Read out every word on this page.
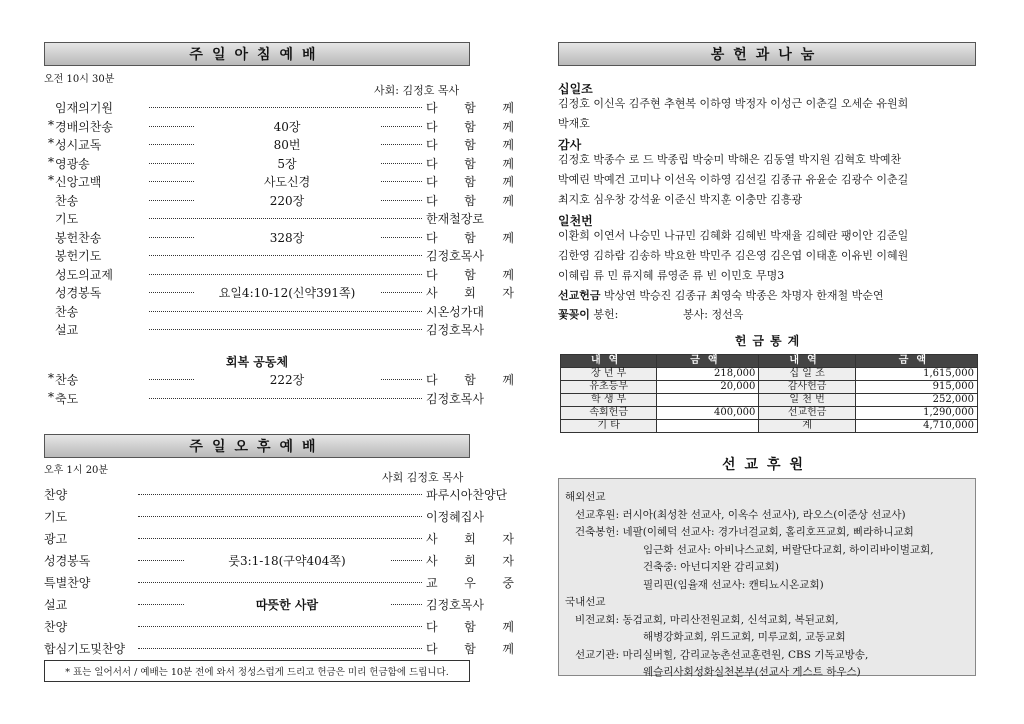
주일아침예배
오전 10시 30분
사회: 김정호 목사
임재의기원	다 함 께
* 경배의찬송	40장	다 함 께
* 성시교독	80번	다 함 께
* 영광송	5장	다 함 께
* 신앙고백	사도신경	다 함 께
찬송	220장	다 함 께
기도	한재철장로
봉헌찬송	328장	다 함 께
봉헌기도	김정호목사
성도의교제	다 함 께
성경봉독	요일4:10-12(신약391쪽)	사 회 자
찬송	시온성가대
설교	김정호목사
회복 공동체
* 찬송	222장	다 함 께
* 축도	김정호목사
주일오후예배
오후 1시 20분
사회 김정호 목사
찬양	파루시아찬양단
기도	이정혜집사
광고	사 회 자
성경봉독	룻3:1-18(구약404쪽)	사 회 자
특별찬양	교 우 중
설교	따뜻한 사람	김정호목사
찬양	다 함 께
합심기도및찬양	다 함 께
* 표는 일어서서 / 예배는 10분 전에 와서 정성스럽게 드리고 헌금은 미리 헌금함에 드립니다.
봉헌과나눔
십일조
김정호 이신옥 김주현 추현복 이하영 박정자 이성근 이춘길 오세순 유원희
박재호
감사
김정호 박종수 로 드 박종립 박숭미 박해은 김동열 박지원 김혁호 박예찬
박예린 박예건 고미나 이선옥 이하영 김선길 김종규 유윤순 김광수 이춘길
최지호 심우창 강석윤 이준신 박지훈 이충만 김흥광
일천번
이환희 이연서 나승민 나규민 김혜화 김혜빈 박재율 김혜란 팽이안 김준일
김한영 김하람 김송하 박요한 박민주 김은영 김은엽 이태훈 이유빈 이혜원
이혜림 류 민 류지혜 류영준 류 빈 이민호 무명3
선교헌금 박상연 박승진 김종규 최영숙 박종은 차명자 한재철 박순연
꽃꽂이 봉헌:	봉사: 정선옥
헌금통계
내역	금액	내역	금액
장 년 부	218,000	십 일 조	1,615,000
유초등부	20,000	감사헌금	915,000
학 생 부		일 천 번	252,000
속회헌금	400,000	선교헌금	1,290,000
기 타		계	4,710,000
선교후원
해외선교
선교후원: 러시아(최성찬 선교사, 이옥수 선교사), 라오스(이준상 선교사)
건축봉헌: 네팔(이혜덕 선교사: 경가너걸교회, 홀리호프교회, 삐라하니교회
임근화 선교사: 아비나스교회, 버랄단다교회, 하이리바이벌교회,
건축중: 아넌디지완 감리교회)
필리핀(임율재 선교사: 캔티뇨시온교회)
국내선교
비전교회: 동검교회, 마리산전원교회, 신석교회, 복된교회,
해병강화교회, 위드교회, 미루교회, 교동교회
선교기관: 마리실버힐, 감리교농촌선교훈련원, CBS 기독교방송,
웨슬리사회성화실천본부(선교사 게스트 하우스)
